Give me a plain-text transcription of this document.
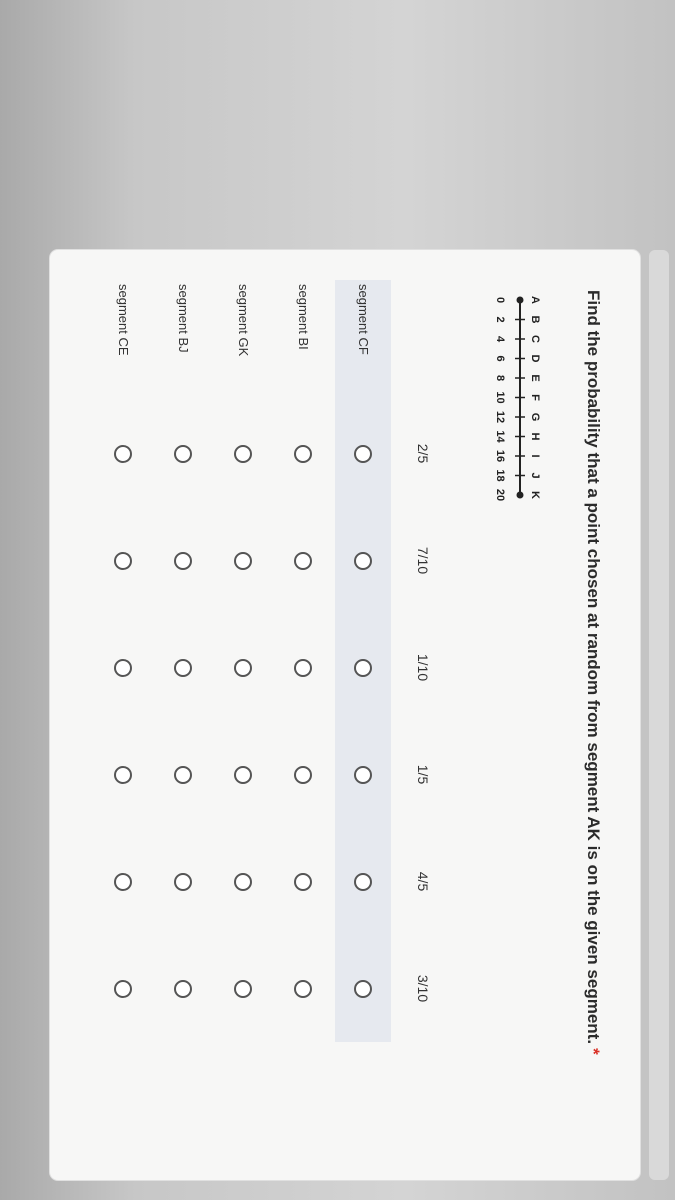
Find the probability that a point chosen at random from segment AK is on the given segment.*
A
0
B
2
C
4
D
6
E
8
F
10
G
12
H
14
I
16
J
18
K
20
2/5
7/10
1/10
1/5
4/5
3/10
segment CF
segment BI
segment GK
segment BJ
segment CE
